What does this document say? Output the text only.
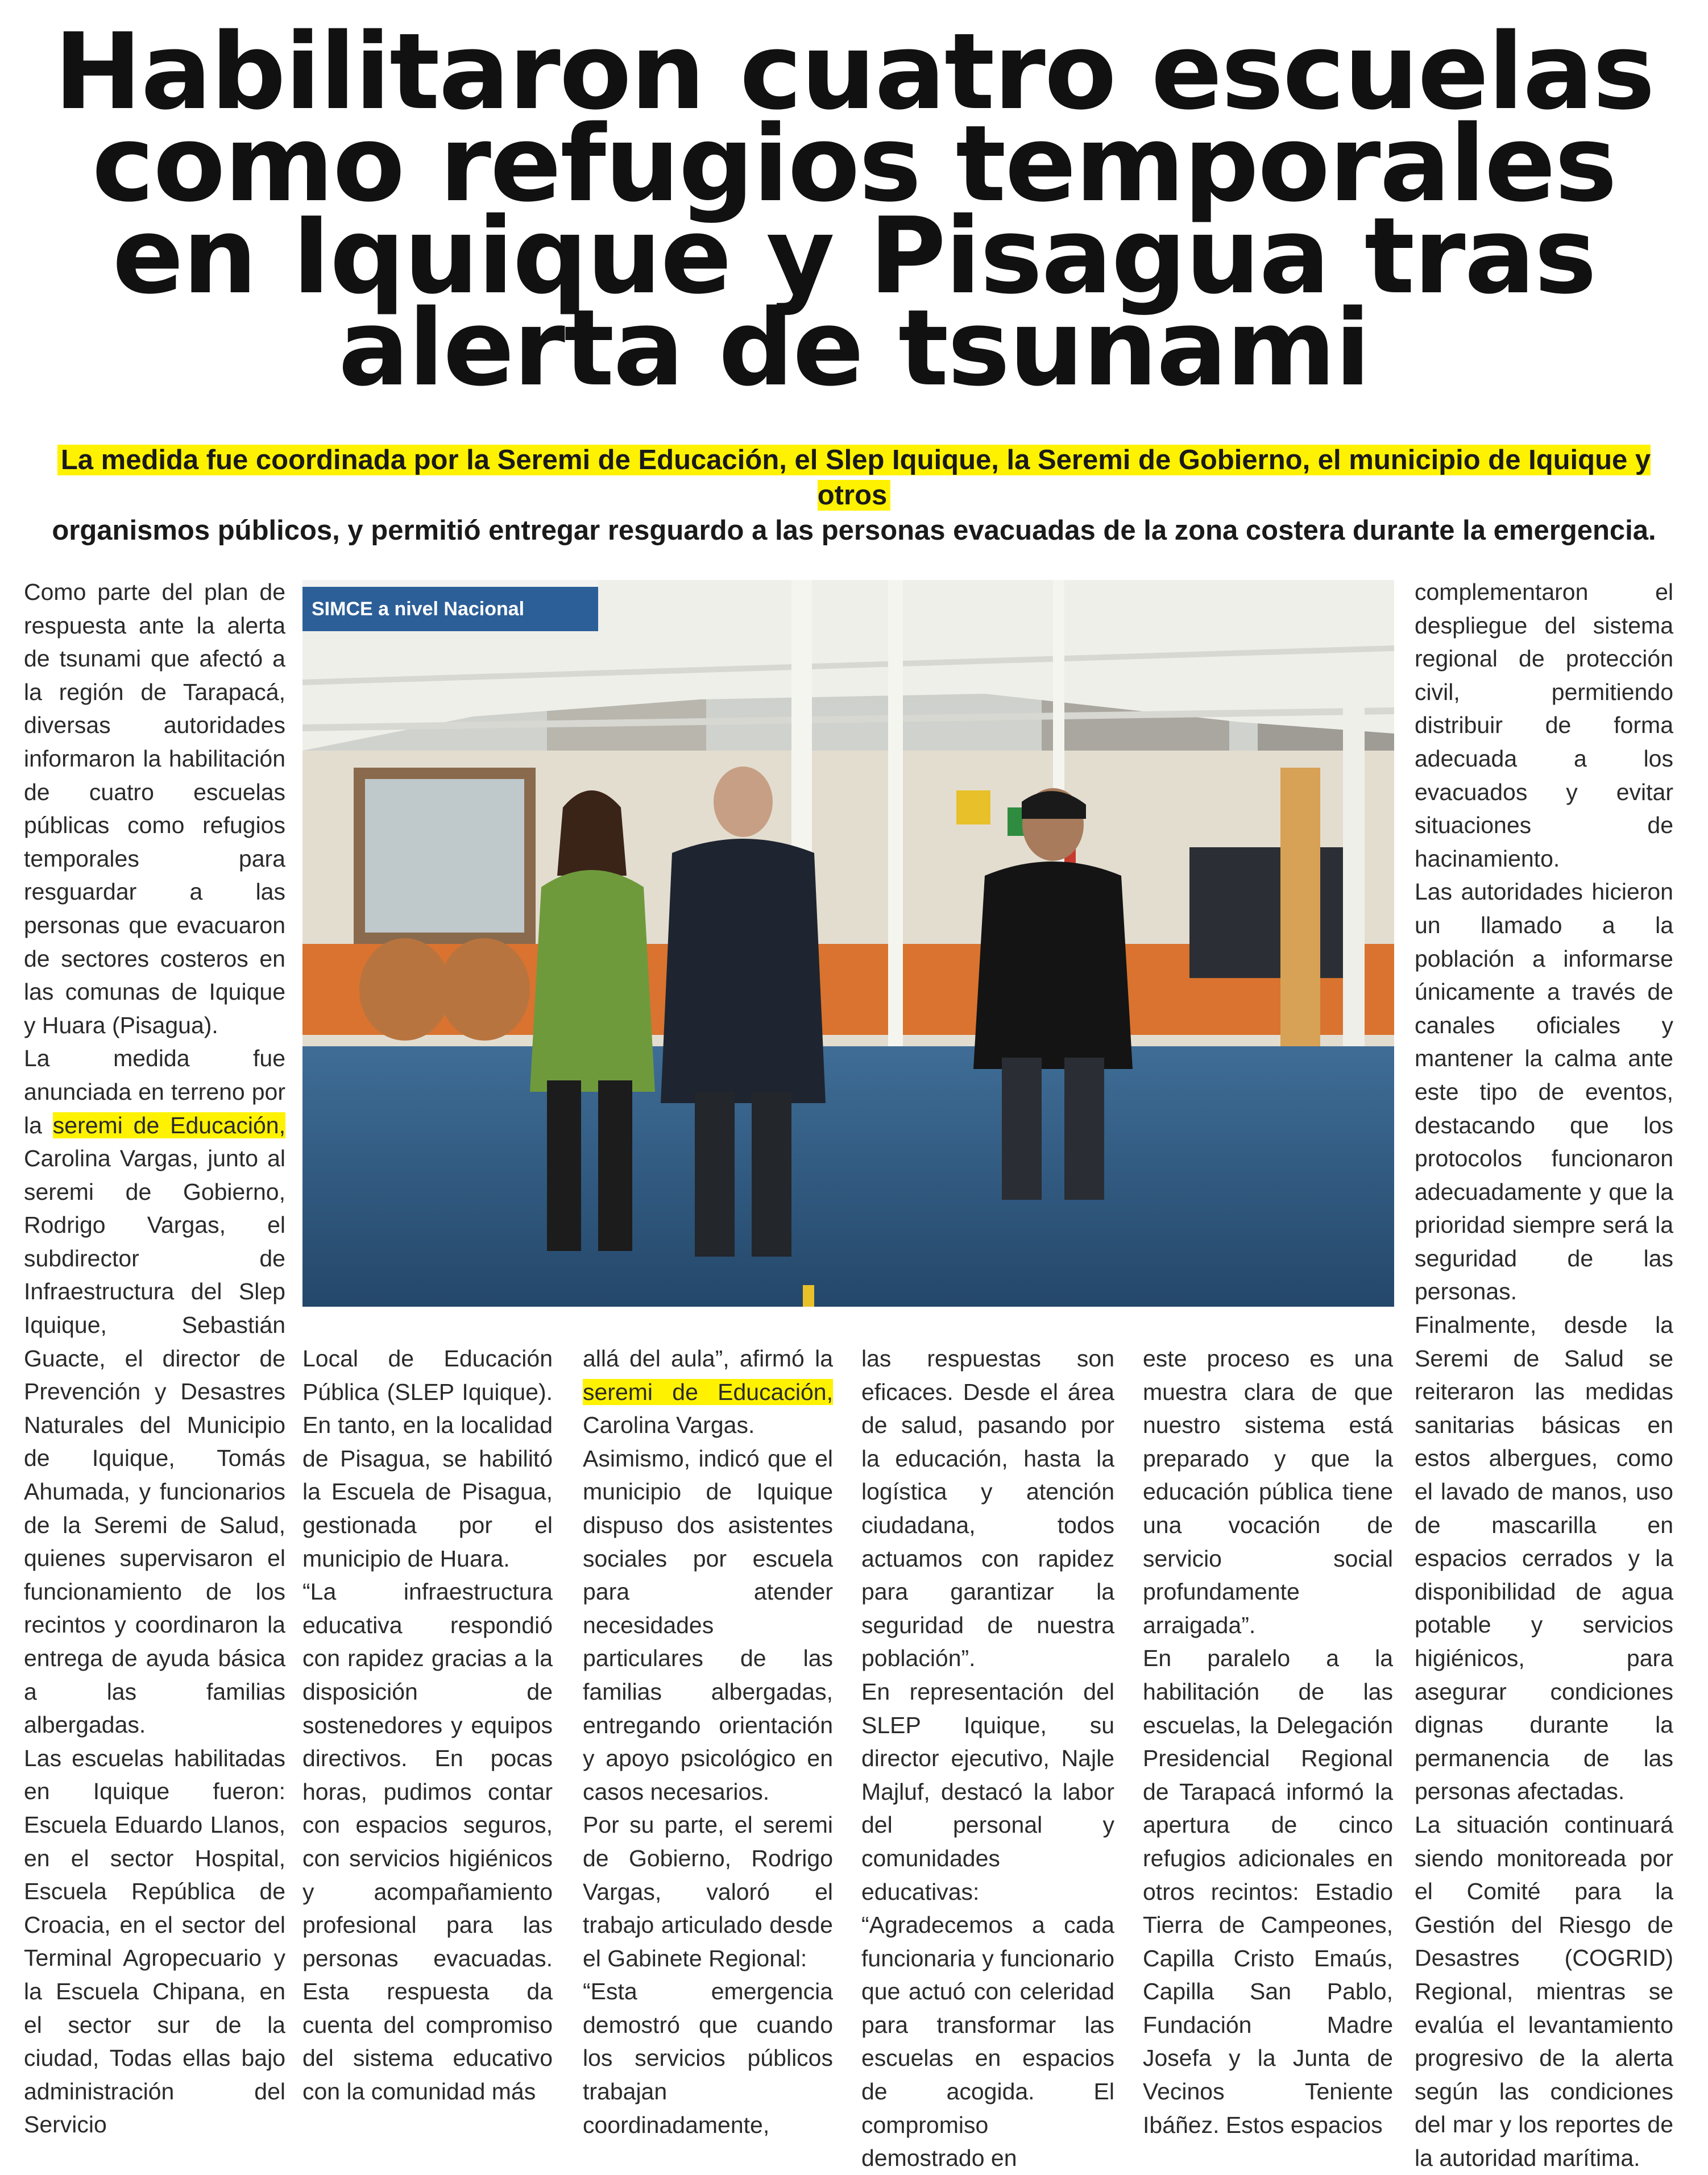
Habilitaron cuatro escuelas
como refugios temporales
en Iquique y Pisagua tras
alerta de tsunami
La medida fue coordinada por la Seremi de Educación, el Slep Iquique, la Seremi de Gobierno, el municipio de Iquique y otros
organismos públicos, y permitió entregar resguardo a las personas evacuadas de la zona costera durante la emergencia.
SIMCE a nivel Nacional

Como parte del plan de respuesta ante la alerta de tsunami que afectó a la región de Tarapacá, diversas autoridades informaron la habilitación de cuatro escuelas públicas como refugios temporales para resguardar a las personas que evacuaron de sectores costeros en las comunas de Iquique y Huara (Pisagua).

La medida fue anunciada en terreno por la seremi de Educación, Carolina Vargas, junto al seremi de Gobierno, Rodrigo Vargas, el subdirector de Infraestructura del Slep Iquique, Sebastián Guacte, el director de Prevención y Desastres Naturales del Municipio de Iquique, Tomás Ahumada, y funcionarios de la Seremi de Salud, quienes supervisaron el funcionamiento de los recintos y coordinaron la entrega de ayuda básica a las familias albergadas.

Las escuelas habilitadas en Iquique fueron: Escuela Eduardo Llanos, en el sector Hospital, Escuela República de Croacia, en el sector del Terminal Agropecuario y la Escuela Chipana, en el sector sur de la ciudad, Todas ellas bajo administración del Servicio

Local de Educación Pública (SLEP Iquique). En tanto, en la localidad de Pisagua, se habilitó la Escuela de Pisagua, gestionada por el municipio de Huara.

“La infraestructura educativa respondió con rapidez gracias a la disposición de sostenedores y equipos directivos. En pocas horas, pudimos contar con espacios seguros, con servicios higiénicos y acompañamiento profesional para las personas evacuadas. Esta respuesta da cuenta del compromiso del sistema educativo con la comunidad más

allá del aula”, afirmó la seremi de Educación, Carolina Vargas.

Asimismo, indicó que el municipio de Iquique dispuso dos asistentes sociales por escuela para atender necesidades particulares de las familias albergadas, entregando orientación y apoyo psicológico en casos necesarios.

Por su parte, el seremi de Gobierno, Rodrigo Vargas, valoró el trabajo articulado desde el Gabinete Regional:

“Esta emergencia demostró que cuando los servicios públicos trabajan coordinadamente,

las respuestas son eficaces. Desde el área de salud, pasando por la educación, hasta la logística y atención ciudadana, todos actuamos con rapidez para garantizar la seguridad de nuestra población”.

En representación del SLEP Iquique, su director ejecutivo, Najle Majluf, destacó la labor del personal y comunidades educativas:

“Agradecemos a cada funcionaria y funcionario que actuó con celeridad para transformar las escuelas en espacios de acogida. El compromiso demostrado en

este proceso es una muestra clara de que nuestro sistema está preparado y que la educación pública tiene una vocación de servicio social profundamente arraigada”.

En paralelo a la habilitación de las escuelas, la Delegación Presidencial Regional de Tarapacá informó la apertura de cinco refugios adicionales en otros recintos: Estadio Tierra de Campeones, Capilla Cristo Emaús, Capilla San Pablo, Fundación Madre Josefa y la Junta de Vecinos Teniente Ibáñez. Estos espacios

complementaron el despliegue del sistema regional de protección civil, permitiendo distribuir de forma adecuada a los evacuados y evitar situaciones de hacinamiento.

Las autoridades hicieron un llamado a la población a informarse únicamente a través de canales oficiales y mantener la calma ante este tipo de eventos, destacando que los protocolos funcionaron adecuadamente y que la prioridad siempre será la seguridad de las personas.

Finalmente, desde la Seremi de Salud se reiteraron las medidas sanitarias básicas en estos albergues, como el lavado de manos, uso de mascarilla en espacios cerrados y la disponibilidad de agua potable y servicios higiénicos, para asegurar condiciones dignas durante la permanencia de las personas afectadas.

La situación continuará siendo monitoreada por el Comité para la Gestión del Riesgo de Desastres (COGRID) Regional, mientras se evalúa el levantamiento progresivo de la alerta según las condiciones del mar y los reportes de la autoridad marítima.
